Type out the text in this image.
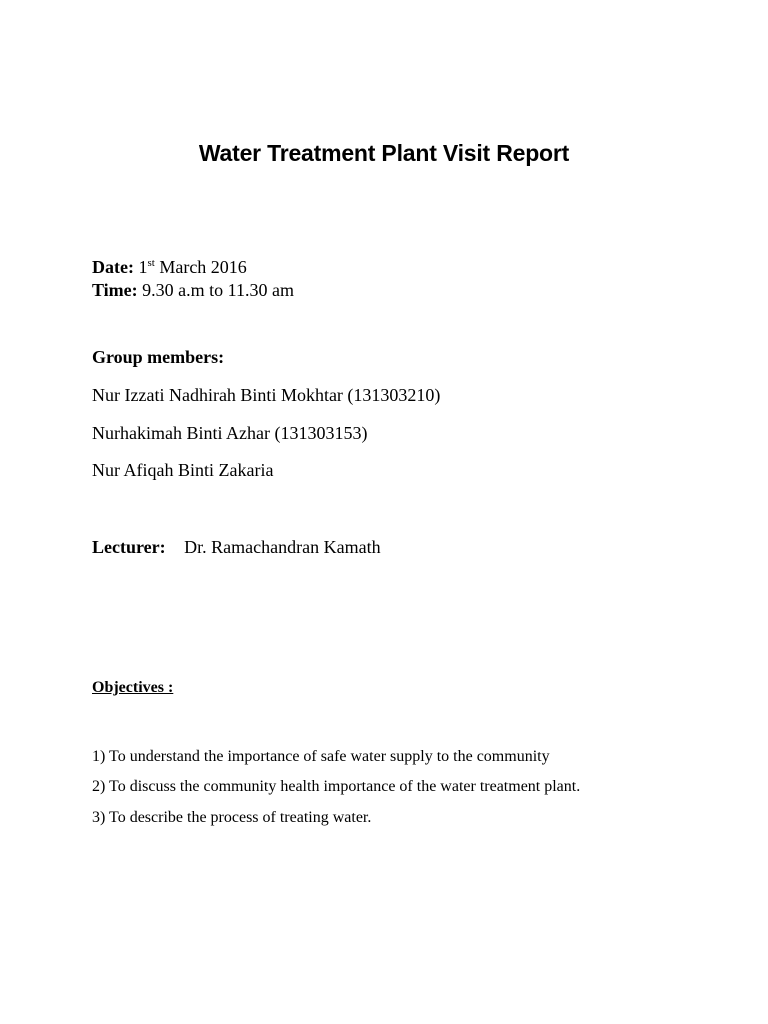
Water Treatment Plant Visit Report
Date: 1st March 2016
Time: 9.30 a.m to 11.30 am
Group members:
Nur Izzati Nadhirah Binti Mokhtar (131303210)
Nurhakimah Binti Azhar (131303153)
Nur Afiqah Binti Zakaria
Lecturer: Dr. Ramachandran Kamath
Objectives :
1) To understand the importance of safe water supply to the community
2) To discuss the community health importance of the water treatment plant.
3) To describe the process of treating water.
